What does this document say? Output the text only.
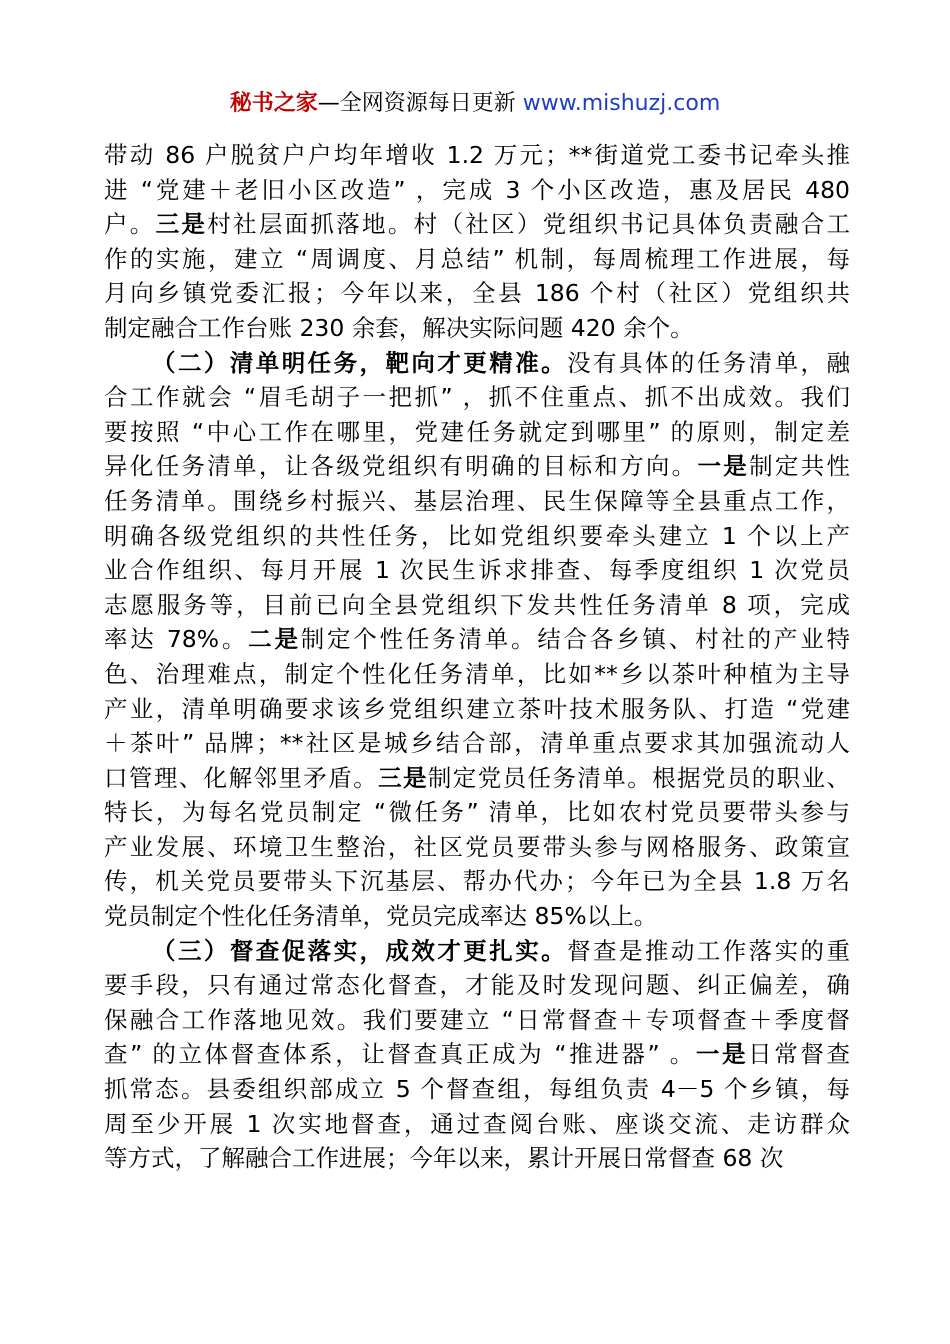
秘书之家—全网资源每日更新 www.mishuzj.com
带动 86 户脱贫户户均年增收 1.2 万元；**街道党工委书记牵头推
进 “党建＋老旧小区改造” ，完成 3 个小区改造，惠及居民 480
户。三是村社层面抓落地。村（社区）党组织书记具体负责融合工
作的实施，建立 “周调度、月总结” 机制，每周梳理工作进展，每
月向乡镇党委汇报；今年以来，全县 186 个村（社区）党组织共
制定融合工作台账 230 余套，解决实际问题 420 余个。
（二）清单明任务，靶向才更精准。没有具体的任务清单，融
合工作就会 “眉毛胡子一把抓” ，抓不住重点、抓不出成效。我们
要按照 “中心工作在哪里，党建任务就定到哪里” 的原则，制定差
异化任务清单，让各级党组织有明确的目标和方向。一是制定共性
任务清单。围绕乡村振兴、基层治理、民生保障等全县重点工作，
明确各级党组织的共性任务，比如党组织要牵头建立 1 个以上产
业合作组织、每月开展 1 次民生诉求排查、每季度组织 1 次党员
志愿服务等，目前已向全县党组织下发共性任务清单 8 项，完成
率达 78%。二是制定个性任务清单。结合各乡镇、村社的产业特
色、治理难点，制定个性化任务清单，比如**乡以茶叶种植为主导
产业，清单明确要求该乡党组织建立茶叶技术服务队、打造 “党建
＋茶叶” 品牌；**社区是城乡结合部，清单重点要求其加强流动人
口管理、化解邻里矛盾。三是制定党员任务清单。根据党员的职业、
特长，为每名党员制定 “微任务” 清单，比如农村党员要带头参与
产业发展、环境卫生整治，社区党员要带头参与网格服务、政策宣
传，机关党员要带头下沉基层、帮办代办；今年已为全县 1.8 万名
党员制定个性化任务清单，党员完成率达 85%以上。
（三）督查促落实，成效才更扎实。督查是推动工作落实的重
要手段，只有通过常态化督查，才能及时发现问题、纠正偏差，确
保融合工作落地见效。我们要建立 “日常督查＋专项督查＋季度督
查” 的立体督查体系，让督查真正成为 “推进器” 。一是日常督查
抓常态。县委组织部成立 5 个督查组，每组负责 4－5 个乡镇，每
周至少开展 1 次实地督查，通过查阅台账、座谈交流、走访群众
等方式，了解融合工作进展；今年以来，累计开展日常督查 68 次
